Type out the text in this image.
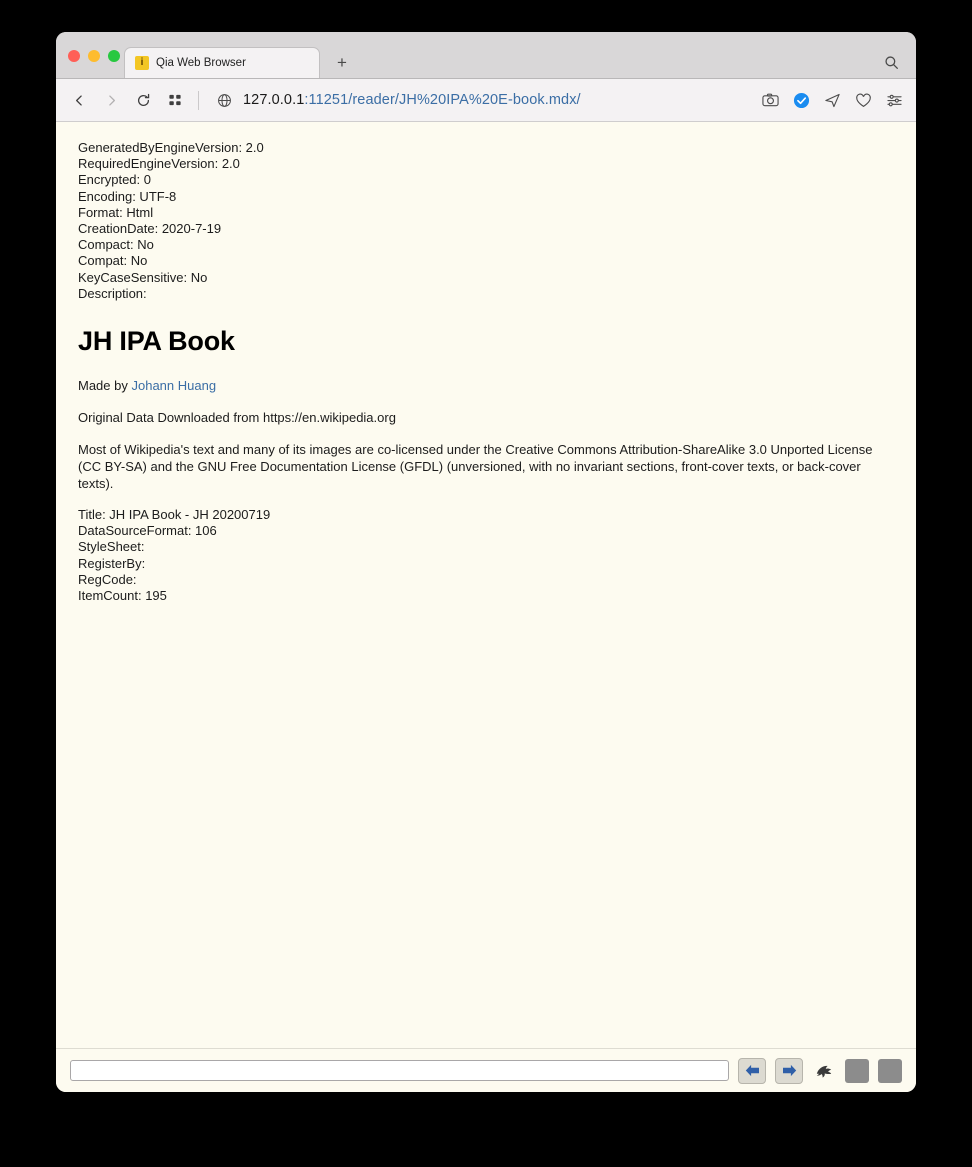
i	Qia Web Browser	+
127.0.0.1:11251/reader/JH%20IPA%20E-book.mdx/
GeneratedByEngineVersion: 2.0
RequiredEngineVersion: 2.0
Encrypted: 0
Encoding: UTF-8
Format: Html
CreationDate: 2020-7-19
Compact: No
Compat: No
KeyCaseSensitive: No
Description:
JH IPA Book

Made by Johann Huang

Original Data Downloaded from https://en.wikipedia.org

Most of Wikipedia's text and many of its images are co-licensed under the Creative Commons Attribution-ShareAlike 3.0 Unported License (CC BY-SA) and the GNU Free Documentation License (GFDL) (unversioned, with no invariant sections, front-cover texts, or back-cover texts).

Title: JH IPA Book - JH 20200719
DataSourceFormat: 106
StyleSheet:
RegisterBy:
RegCode:
ItemCount: 195
